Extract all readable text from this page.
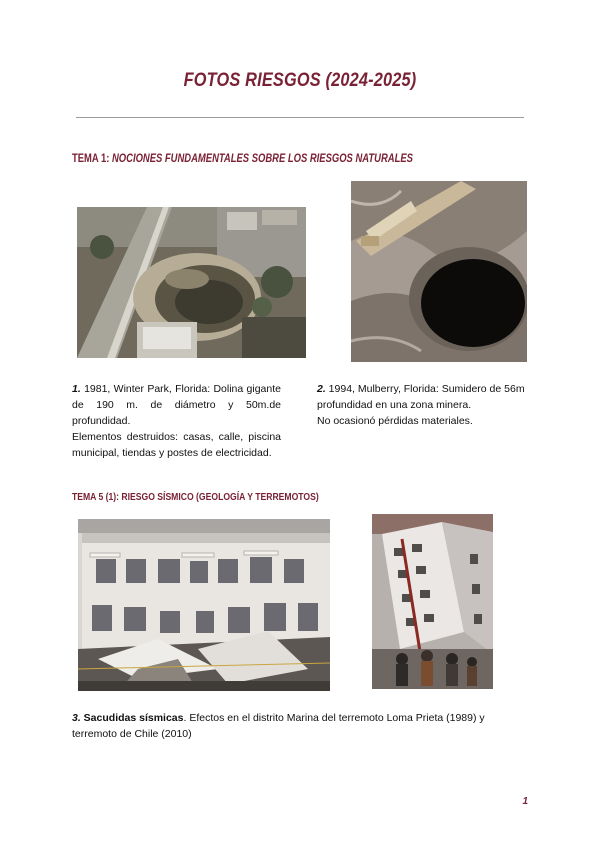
FOTOS RIESGOS (2024-2025)
TEMA 1: NOCIONES FUNDAMENTALES SOBRE LOS RIESGOS NATURALES
1. 1981, Winter Park, Florida: Dolina gigante de 190 m. de diámetro y 50m.de profundidad.
Elementos destruidos: casas, calle, piscina municipal, tiendas y postes de electricidad.
2. 1994, Mulberry, Florida: Sumidero de 56m profundidad en una zona minera.
No ocasionó pérdidas materiales.
TEMA 5 (1): RIESGO SÍSMICO (GEOLOGÍA Y TERREMOTOS)
3. Sacudidas sísmicas. Efectos en el distrito Marina del terremoto Loma Prieta (1989) y terremoto de Chile (2010)
1
